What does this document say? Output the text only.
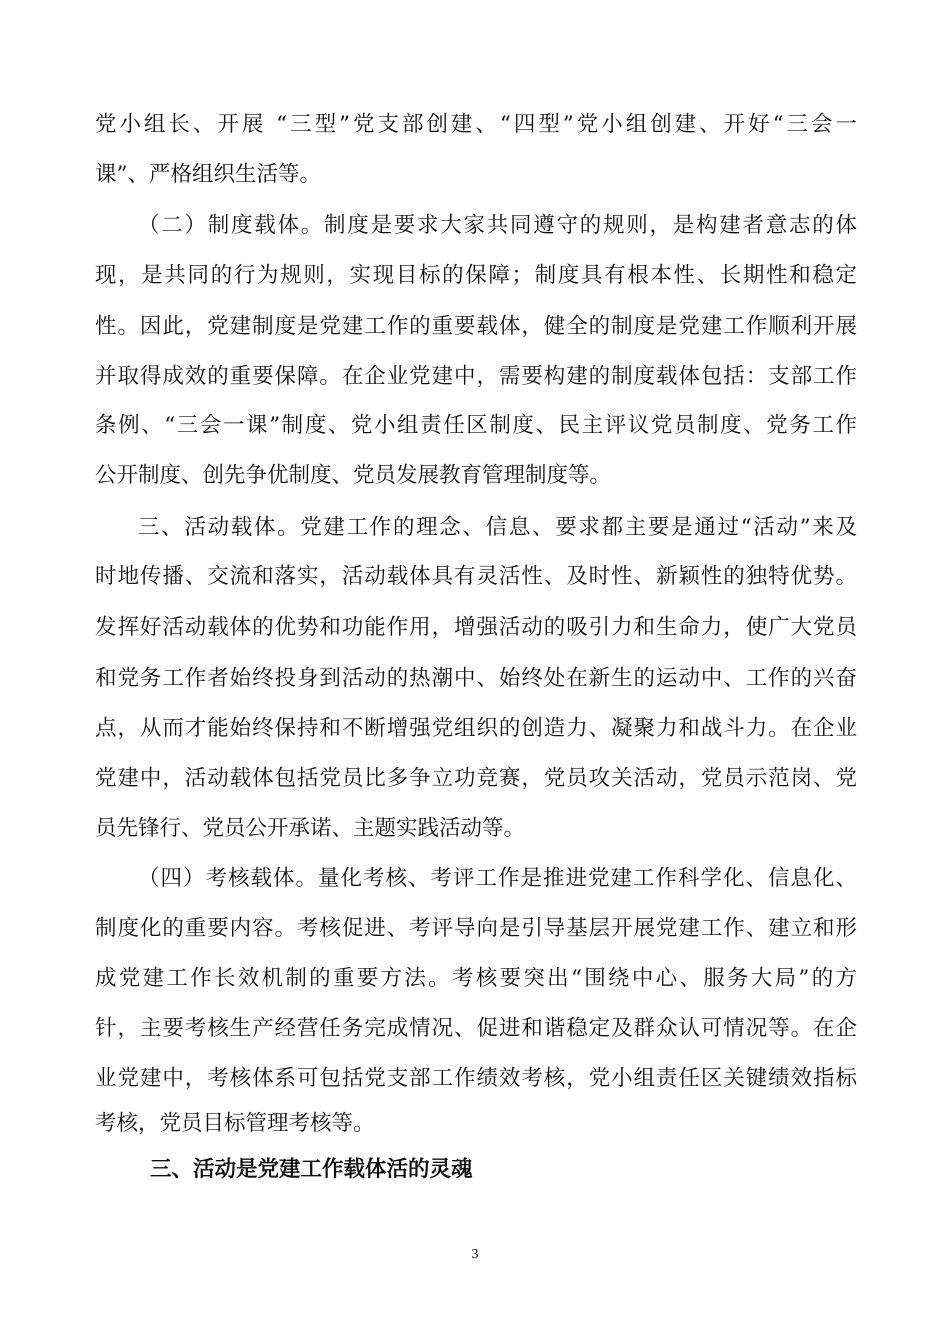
党小组长、开展 “三型”党支部创建、“四型”党小组创建、开好“三会一
课”、严格组织生活等。
（二）制度载体。制度是要求大家共同遵守的规则，是构建者意志的体
现，是共同的行为规则，实现目标的保障；制度具有根本性、长期性和稳定
性。因此，党建制度是党建工作的重要载体，健全的制度是党建工作顺利开展
并取得成效的重要保障。在企业党建中，需要构建的制度载体包括：支部工作
条例、“三会一课”制度、党小组责任区制度、民主评议党员制度、党务工作
公开制度、创先争优制度、党员发展教育管理制度等。
三、活动载体。党建工作的理念、信息、要求都主要是通过“活动”来及
时地传播、交流和落实，活动载体具有灵活性、及时性、新颖性的独特优势。
发挥好活动载体的优势和功能作用，增强活动的吸引力和生命力，使广大党员
和党务工作者始终投身到活动的热潮中、始终处在新生的运动中、工作的兴奋
点，从而才能始终保持和不断增强党组织的创造力、凝聚力和战斗力。在企业
党建中，活动载体包括党员比多争立功竞赛，党员攻关活动，党员示范岗、党
员先锋行、党员公开承诺、主题实践活动等。
（四）考核载体。量化考核、考评工作是推进党建工作科学化、信息化、
制度化的重要内容。考核促进、考评导向是引导基层开展党建工作、建立和形
成党建工作长效机制的重要方法。考核要突出“围绕中心、服务大局”的方
针，主要考核生产经营任务完成情况、促进和谐稳定及群众认可情况等。在企
业党建中，考核体系可包括党支部工作绩效考核，党小组责任区关键绩效指标
考核，党员目标管理考核等。
三、活动是党建工作载体活的灵魂
3
